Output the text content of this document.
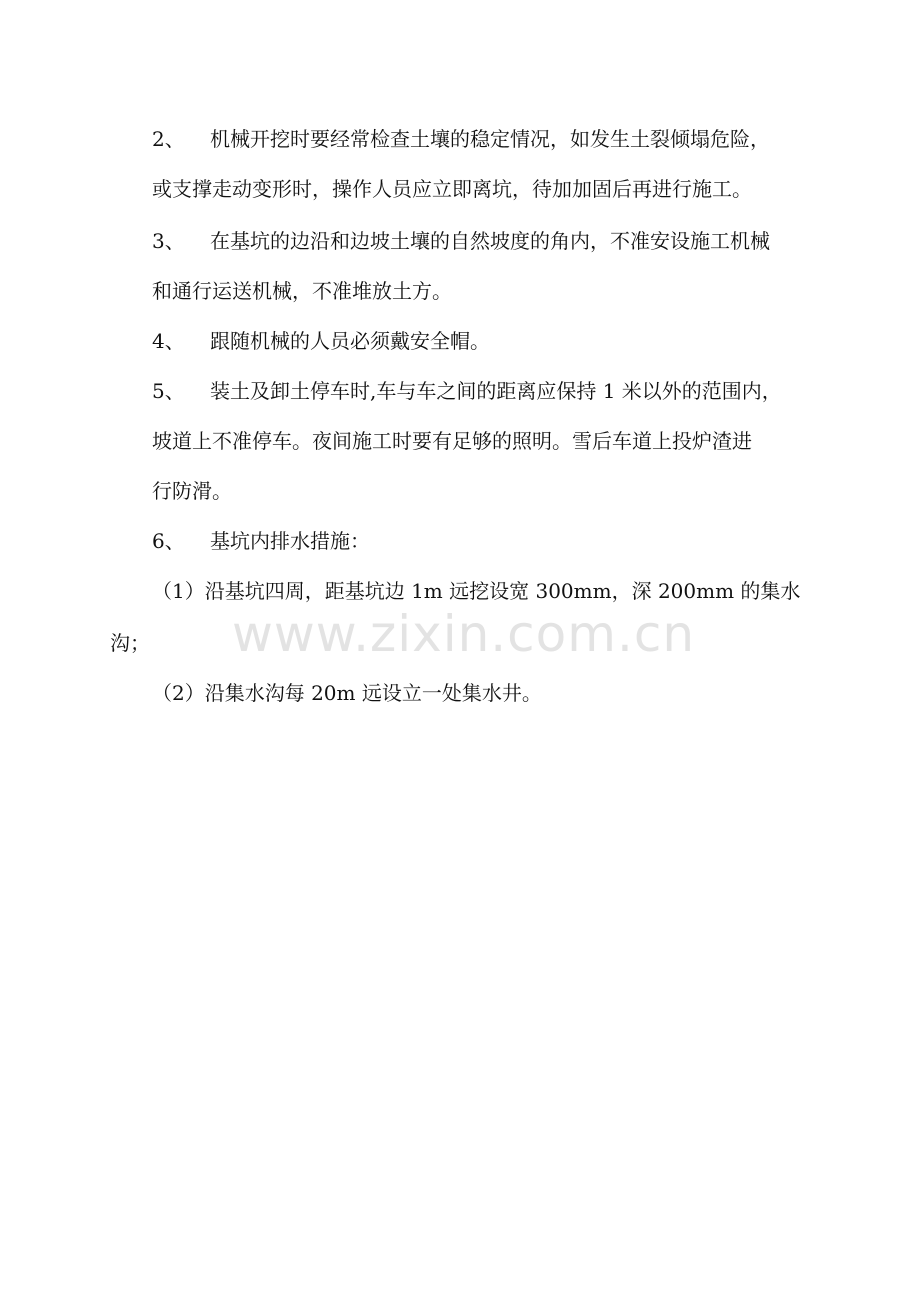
2、 机械开挖时要经常检查土壤的稳定情况，如发生土裂倾塌危险，
或支撑走动变形时，操作人员应立即离坑，待加加固后再进行施工。
3、 在基坑的边沿和边坡土壤的自然坡度的角内，不准安设施工机械
和通行运送机械，不准堆放土方。
4、 跟随机械的人员必须戴安全帽。
5、 装土及卸土停车时,车与车之间的距离应保持 1 米以外的范围内，
坡道上不准停车。夜间施工时要有足够的照明。雪后车道上投炉渣进
行防滑。
6、 基坑内排水措施：
（1）沿基坑四周，距基坑边 1m 远挖设宽 300mm，深 200mm 的集水
沟；
（2）沿集水沟每 20m 远设立一处集水井。
www.zixin.com.cn
